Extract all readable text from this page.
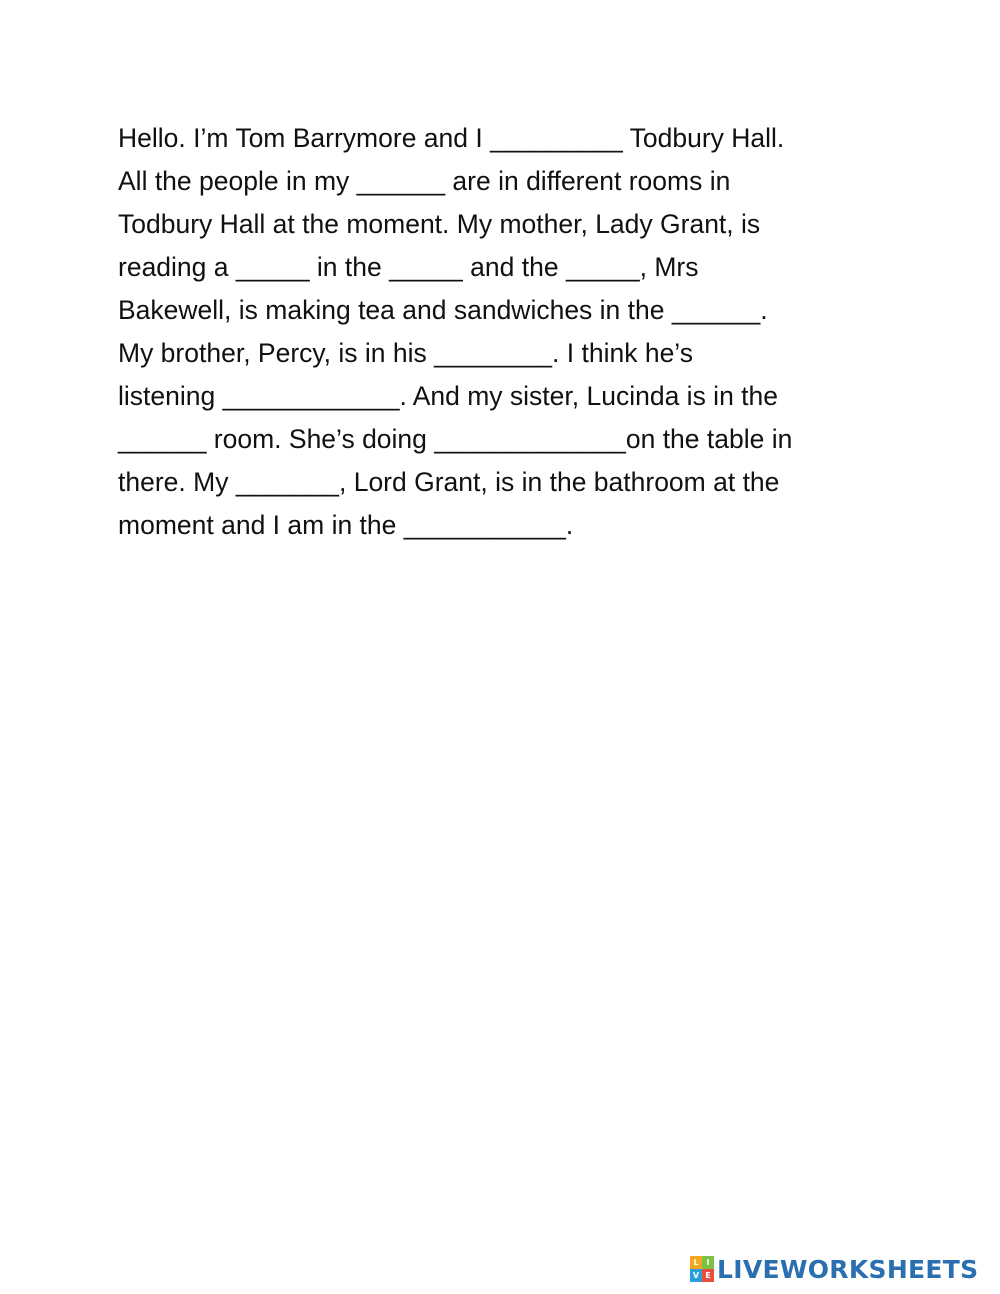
Hello. I’m Tom Barrymore and I _________ Todbury Hall.
All the people in my ______ are in different rooms in
Todbury Hall at the moment. My mother, Lady Grant, is
reading a _____ in the _____ and the _____, Mrs
Bakewell, is making tea and sandwiches in the ______.
My brother, Percy, is in his ________. I think he’s
listening ____________. And my sister, Lucinda is in the
______ room. She’s doing _____________on the table in
there. My _______, Lord Grant, is in the bathroom at the
moment and I am in the ___________.
L I
V E LIVEWORKSHEETS
